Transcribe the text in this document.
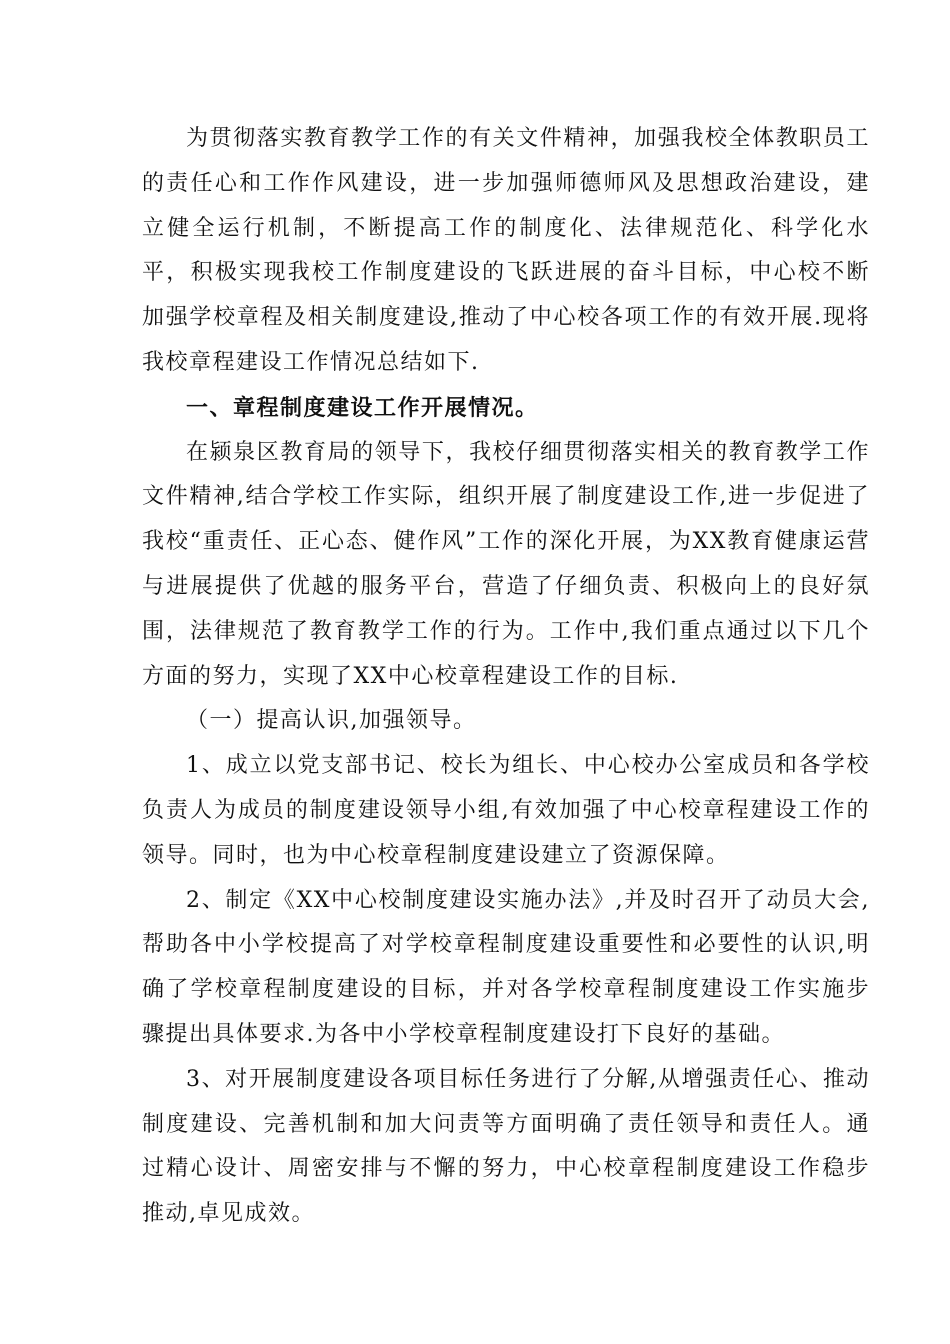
为贯彻落实教育教学工作的有关文件精神，加强我校全体教职员工的责任心和工作作风建设，进一步加强师德师风及思想政治建设，建立健全运行机制，不断提高工作的制度化、法律规范化、科学化水平，积极实现我校工作制度建设的飞跃进展的奋斗目标，中心校不断加强学校章程及相关制度建设,推动了中心校各项工作的有效开展.现将我校章程建设工作情况总结如下.

一、章程制度建设工作开展情况。

在颍泉区教育局的领导下，我校仔细贯彻落实相关的教育教学工作文件精神,结合学校工作实际，组织开展了制度建设工作,进一步促进了我校“重责任、正心态、健作风”工作的深化开展，为XX教育健康运营与进展提供了优越的服务平台，营造了仔细负责、积极向上的良好氛围，法律规范了教育教学工作的行为。工作中,我们重点通过以下几个方面的努力，实现了XX中心校章程建设工作的目标.

（一）提高认识,加强领导。

1、成立以党支部书记、校长为组长、中心校办公室成员和各学校负责人为成员的制度建设领导小组,有效加强了中心校章程建设工作的领导。同时，也为中心校章程制度建设建立了资源保障。

2、制定《XX中心校制度建设实施办法》,并及时召开了动员大会,帮助各中小学校提高了对学校章程制度建设重要性和必要性的认识,明确了学校章程制度建设的目标，并对各学校章程制度建设工作实施步骤提出具体要求.为各中小学校章程制度建设打下良好的基础。

3、对开展制度建设各项目标任务进行了分解,从增强责任心、推动制度建设、完善机制和加大问责等方面明确了责任领导和责任人。通过精心设计、周密安排与不懈的努力，中心校章程制度建设工作稳步推动,卓见成效。
